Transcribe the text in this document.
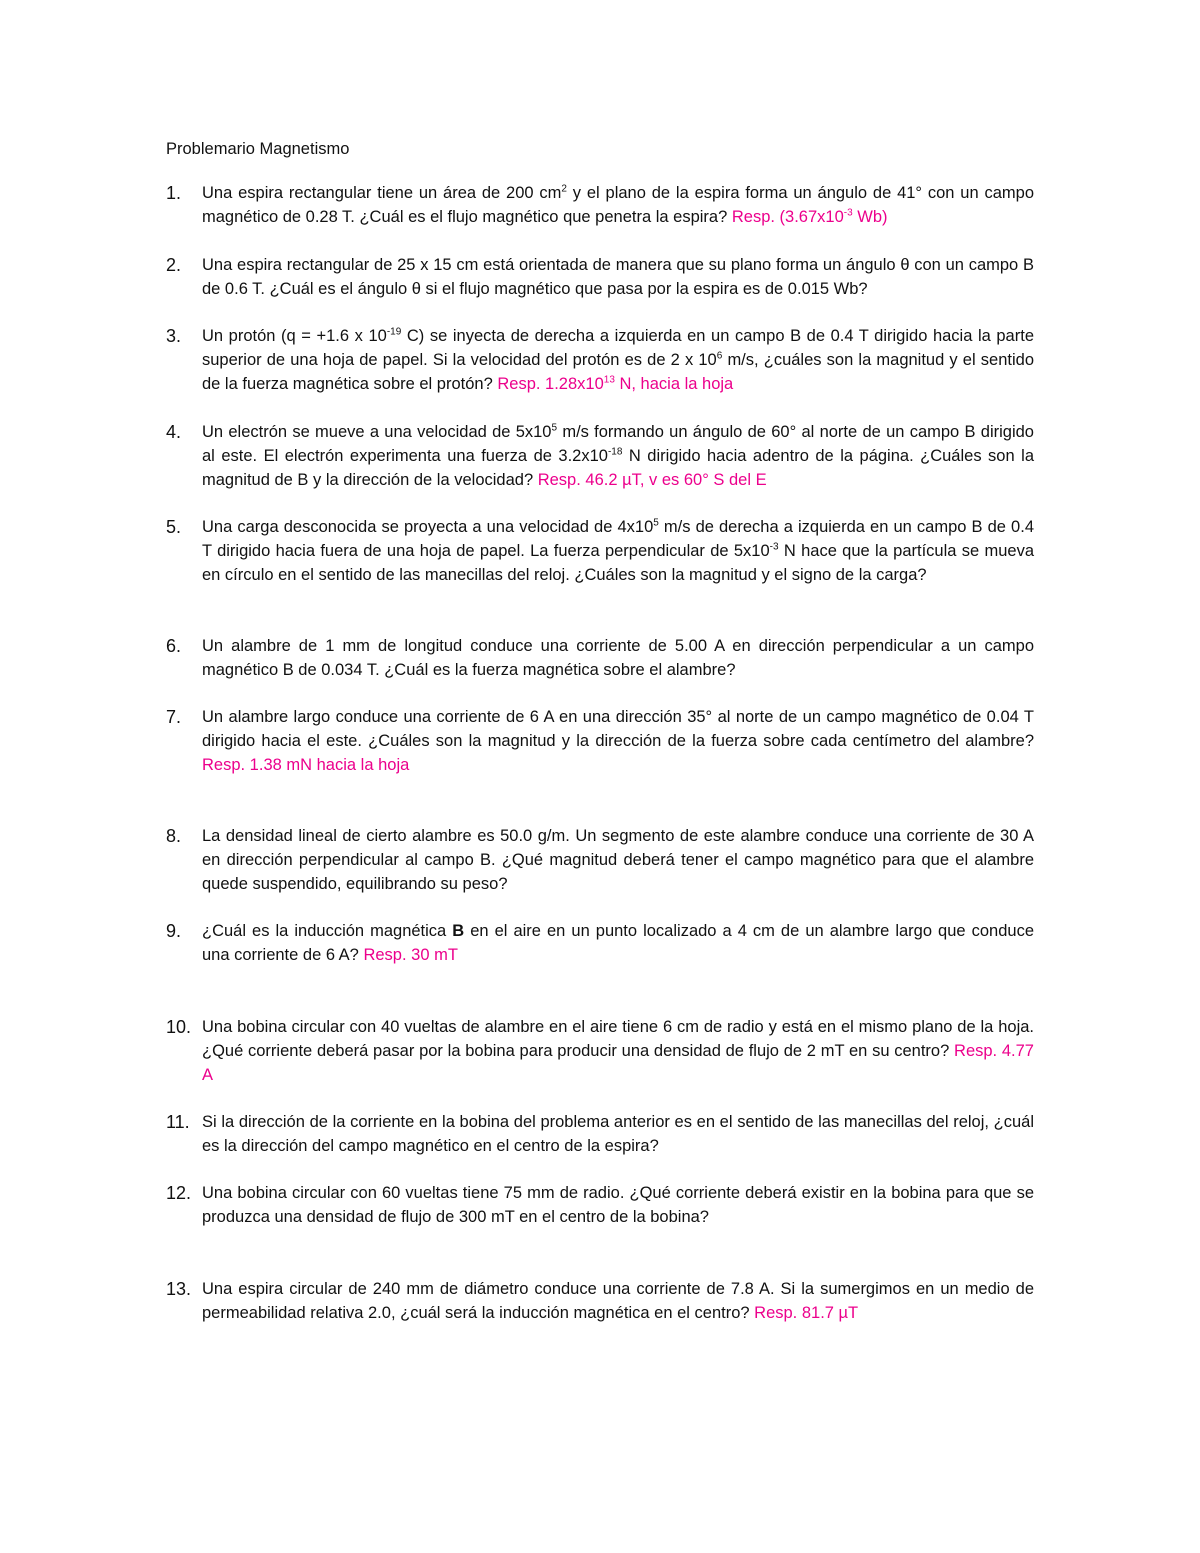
Problemario Magnetismo
1. Una espira rectangular tiene un área de 200 $cm^2$ y el plano de la espira forma un ángulo de 41° con un campo magnético de 0.28 T. ¿Cuál es el flujo magnético que penetra la espira? Resp. ($3.67x10^{-3}$ Wb)
2. Una espira rectangular de 25 x 15 cm está orientada de manera que su plano forma un ángulo θ con un campo B de 0.6 T. ¿Cuál es el ángulo θ si el flujo magnético que pasa por la espira es de 0.015 Wb?
3. Un protón (q = +1.6 x $10^{-19}$ C) se inyecta de derecha a izquierda en un campo B de 0.4 T dirigido hacia la parte superior de una hoja de papel. Si la velocidad del protón es de 2 x $10^6$ m/s, ¿cuáles son la magnitud y el sentido de la fuerza magnética sobre el protón? Resp. $1.28x10^{13}$ N, hacia la hoja
4. Un electrón se mueve a una velocidad de $5x10^5$ m/s formando un ángulo de 60° al norte de un campo B dirigido al este. El electrón experimenta una fuerza de $3.2x10^{-18}$ N dirigido hacia adentro de la página. ¿Cuáles son la magnitud de B y la dirección de la velocidad? Resp. 46.2 µT, v es 60° S del E
5. Una carga desconocida se proyecta a una velocidad de $4x10^5$ m/s de derecha a izquierda en un campo B de 0.4 T dirigido hacia fuera de una hoja de papel. La fuerza perpendicular de $5x10^{-3}$ N hace que la partícula se mueva en círculo en el sentido de las manecillas del reloj. ¿Cuáles son la magnitud y el signo de la carga?
6. Un alambre de 1 mm de longitud conduce una corriente de 5.00 A en dirección perpendicular a un campo magnético B de 0.034 T. ¿Cuál es la fuerza magnética sobre el alambre?
7. Un alambre largo conduce una corriente de 6 A en una dirección 35° al norte de un campo magnético de 0.04 T dirigido hacia el este. ¿Cuáles son la magnitud y la dirección de la fuerza sobre cada centímetro del alambre? Resp. 1.38 mN hacia la hoja
8. La densidad lineal de cierto alambre es 50.0 g/m. Un segmento de este alambre conduce una corriente de 30 A en dirección perpendicular al campo B. ¿Qué magnitud deberá tener el campo magnético para que el alambre quede suspendido, equilibrando su peso?
9. ¿Cuál es la inducción magnética B en el aire en un punto localizado a 4 cm de un alambre largo que conduce una corriente de 6 A? Resp. 30 mT
10. Una bobina circular con 40 vueltas de alambre en el aire tiene 6 cm de radio y está en el mismo plano de la hoja. ¿Qué corriente deberá pasar por la bobina para producir una densidad de flujo de 2 mT en su centro? Resp. 4.77 A
11. Si la dirección de la corriente en la bobina del problema anterior es en el sentido de las manecillas del reloj, ¿cuál es la dirección del campo magnético en el centro de la espira?
12. Una bobina circular con 60 vueltas tiene 75 mm de radio. ¿Qué corriente deberá existir en la bobina para que se produzca una densidad de flujo de 300 mT en el centro de la bobina?
13. Una espira circular de 240 mm de diámetro conduce una corriente de 7.8 A. Si la sumergimos en un medio de permeabilidad relativa 2.0, ¿cuál será la inducción magnética en el centro? Resp. 81.7 µT
